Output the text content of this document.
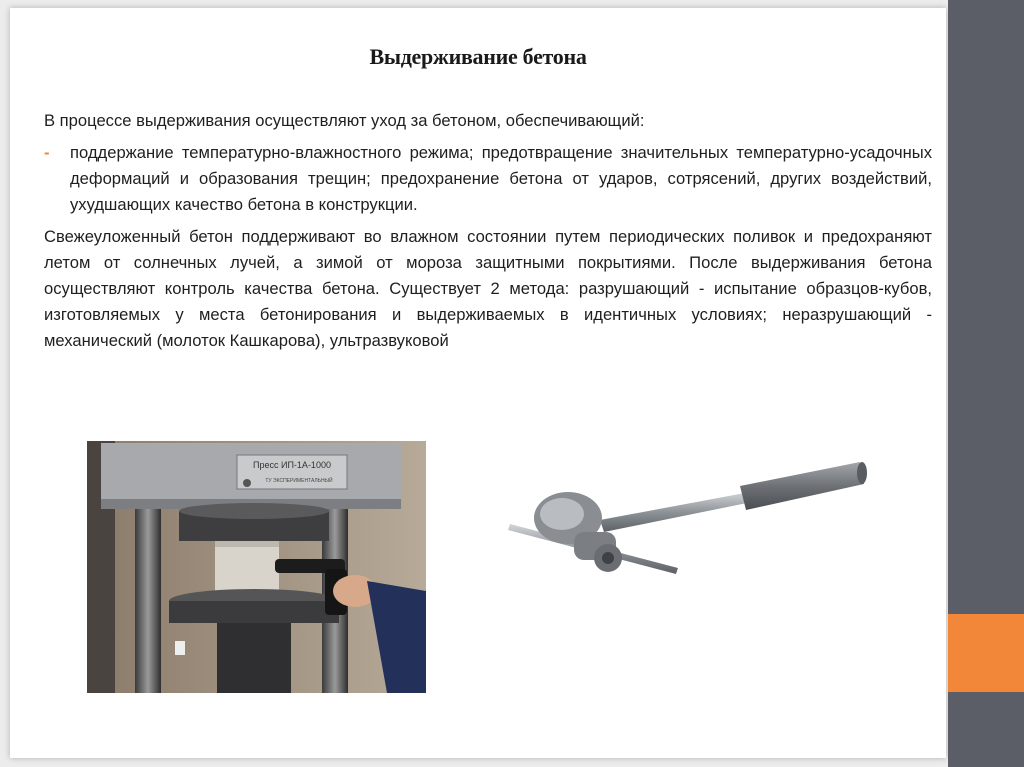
Выдерживание бетона

В процессе выдерживания осуществляют уход за бетоном, обеспечивающий:

- поддержание температурно-влажностного режима; предотвращение значительных температурно-усадочных деформаций и образования трещин; предохранение бетона от ударов, сотрясений, других воздействий, ухудшающих качество бетона в конструкции.

Свежеуложенный бетон поддерживают во влажном состоянии путем периодических поливок и предохраняют летом от солнечных лучей, а зимой от мороза защитными покрытиями. После выдерживания бетона осуществляют контроль качества бетона. Существует 2 метода: разрушающий - испытание образцов-кубов, изготовляемых у места бетонирования и выдерживаемых в идентичных условиях; неразрушающий - механический (молоток Кашкарова), ультразвуковой

Пресс ИП-1А-1000
ТУ ЭКСПЕРИМЕНТАЛЬНЫЙ
